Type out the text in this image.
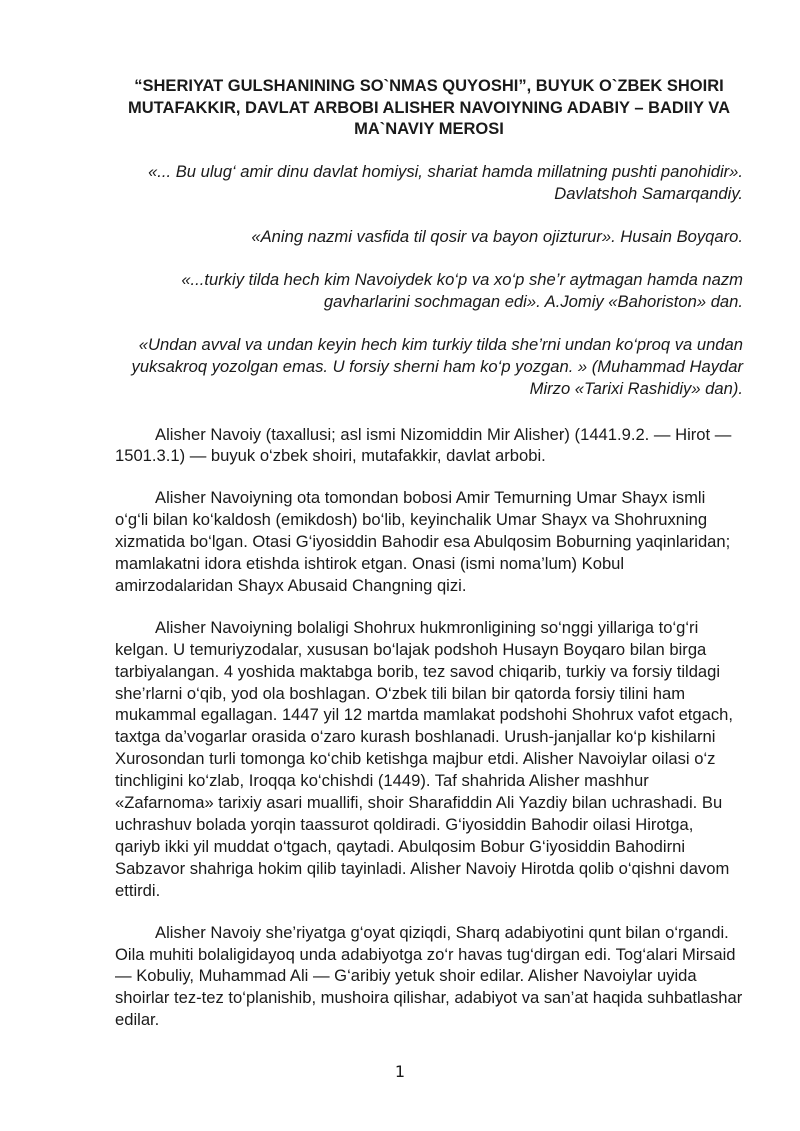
“SHERIYAT GULSHANINING SO`NMAS QUYOSHI”, BUYUK O`ZBEK SHOIRI MUTAFAKKIR, DAVLAT ARBOBI ALISHER NAVOIYNING ADABIY – BADIIY VA MA`NAVIY MEROSI

«... Bu ulug‘ amir dinu davlat homiysi, shariat hamda millatning pushti panohidir». Davlatshoh Samarqandiy.

«Aning nazmi vasfida til qosir va bayon ojizturur». Husain Boyqaro.

«...turkiy tilda hech kim Navoiydek ko‘p va xo‘p she’r aytmagan hamda nazm gavharlarini sochmagan edi». A.Jomiy «Bahoriston» dan.

«Undan avval va undan keyin hech kim turkiy tilda she’rni undan ko‘proq va undan yuksakroq yozolgan emas. U forsiy sherni ham ko‘p yozgan. » (Muhammad Haydar Mirzo «Tarixi Rashidiy» dan).

Alisher Navoiy (taxallusi; asl ismi Nizomiddin Mir Alisher) (1441.9.2. — Hirot — 1501.3.1) — buyuk o‘zbek shoiri, mutafakkir, davlat arbobi.

Alisher Navoiyning ota tomondan bobosi Amir Temurning Umar Shayx ismli o‘g‘li bilan ko‘kaldosh (emikdosh) bo‘lib, keyinchalik Umar Shayx va Shohruxning xizmatida bo‘lgan. Otasi G‘iyosiddin Bahodir esa Abulqosim Boburning yaqinlaridan; mamlakatni idora etishda ishtirok etgan. Onasi (ismi noma’lum) Kobul amirzodalaridan Shayx Abusaid Changning qizi.

Alisher Navoiyning bolaligi Shohrux hukmronligining so‘nggi yillariga to‘g‘ri kelgan. U temuriyzodalar, xususan bo‘lajak podshoh Husayn Boyqaro bilan birga tarbiyalangan. 4 yoshida maktabga borib, tez savod chiqarib, turkiy va forsiy tildagi she’rlarni o‘qib, yod ola boshlagan. O‘zbek tili bilan bir qatorda forsiy tilini ham mukammal egallagan. 1447 yil 12 martda mamlakat podshohi Shohrux vafot etgach, taxtga da’vogarlar orasida o‘zaro kurash boshlanadi. Urush-janjallar ko‘p kishilarni Xurosondan turli tomonga ko‘chib ketishga majbur etdi. Alisher Navoiylar oilasi o‘z tinchligini ko‘zlab, Iroqqa ko‘chishdi (1449). Taf shahrida Alisher mashhur «Zafarnoma» tarixiy asari muallifi, shoir Sharafiddin Ali Yazdiy bilan uchrashadi. Bu uchrashuv bolada yorqin taassurot qoldiradi. G‘iyosiddin Bahodir oilasi Hirotga, qariyb ikki yil muddat o‘tgach, qaytadi. Abulqosim Bobur G‘iyosiddin Bahodirni Sabzavor shahriga hokim qilib tayinladi. Alisher Navoiy Hirotda qolib o‘qishni davom ettirdi.

Alisher Navoiy she’riyatga g‘oyat qiziqdi, Sharq adabiyotini qunt bilan o‘rgandi. Oila muhiti bolaligidayoq unda adabiyotga zo‘r havas tug‘dirgan edi. Tog‘alari Mirsaid — Kobuliy, Muhammad Ali — G‘aribiy yetuk shoir edilar. Alisher Navoiylar uyida shoirlar tez-tez to‘planishib, mushoira qilishar, adabiyot va san’at haqida suhbatlashar edilar.

1
